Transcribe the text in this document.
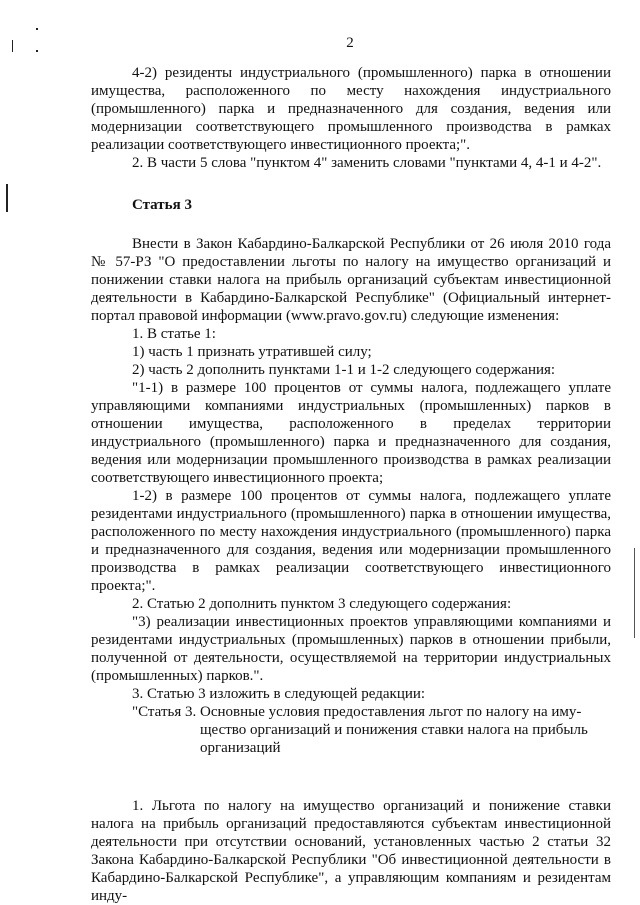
2

4-2) резиденты индустриального (промышленного) парка в отношении имущества, расположенного по месту нахождения индустриального (промышленного) парка и предназначенного для создания, ведения или модернизации соответствующего промышленного производства в рамках реализации соответствующего инвестиционного проекта;".

2. В части 5 слова "пунктом 4" заменить словами "пунктами 4, 4-1 и 4-2".

Статья 3

Внести в Закон Кабардино-Балкарской Республики от 26 июля 2010 года № 57-РЗ "О предоставлении льготы по налогу на имущество организаций и понижении ставки налога на прибыль организаций субъектам инвестиционной деятельности в Кабардино-Балкарской Республике" (Официальный интернет-портал правовой информации (www.pravo.gov.ru) следующие изменения:

1. В статье 1:

1) часть 1 признать утратившей силу;

2) часть 2 дополнить пунктами 1-1 и 1-2 следующего содержания:

"1-1) в размере 100 процентов от суммы налога, подлежащего уплате управляющими компаниями индустриальных (промышленных) парков в отношении имущества, расположенного в пределах территории индустриального (промышленного) парка и предназначенного для создания, ведения или модернизации промышленного производства в рамках реализации соответствующего инвестиционного проекта;

1-2) в размере 100 процентов от суммы налога, подлежащего уплате резидентами индустриального (промышленного) парка в отношении имущества, расположенного по месту нахождения индустриального (промышленного) парка и предназначенного для создания, ведения или модернизации промышленного производства в рамках реализации соответствующего инвестиционного проекта;".

2. Статью 2 дополнить пунктом 3 следующего содержания:

"3) реализации инвестиционных проектов управляющими компаниями и резидентами индустриальных (промышленных) парков в отношении прибыли, полученной от деятельности, осуществляемой на территории индустриальных (промышленных) парков.".

3. Статью 3 изложить в следующей редакции:

"Статья 3. Основные условия предоставления льгот по налогу на иму-
щество организаций и понижения ставки налога на прибыль
организаций

1. Льгота по налогу на имущество организаций и понижение ставки налога на прибыль организаций предоставляются субъектам инвестиционной деятельности при отсутствии оснований, установленных частью 2 статьи 32 Закона Кабардино-Балкарской Республики "Об инвестиционной деятельности в Кабардино-Балкарской Республике", а управляющим компаниям и резидентам инду-
